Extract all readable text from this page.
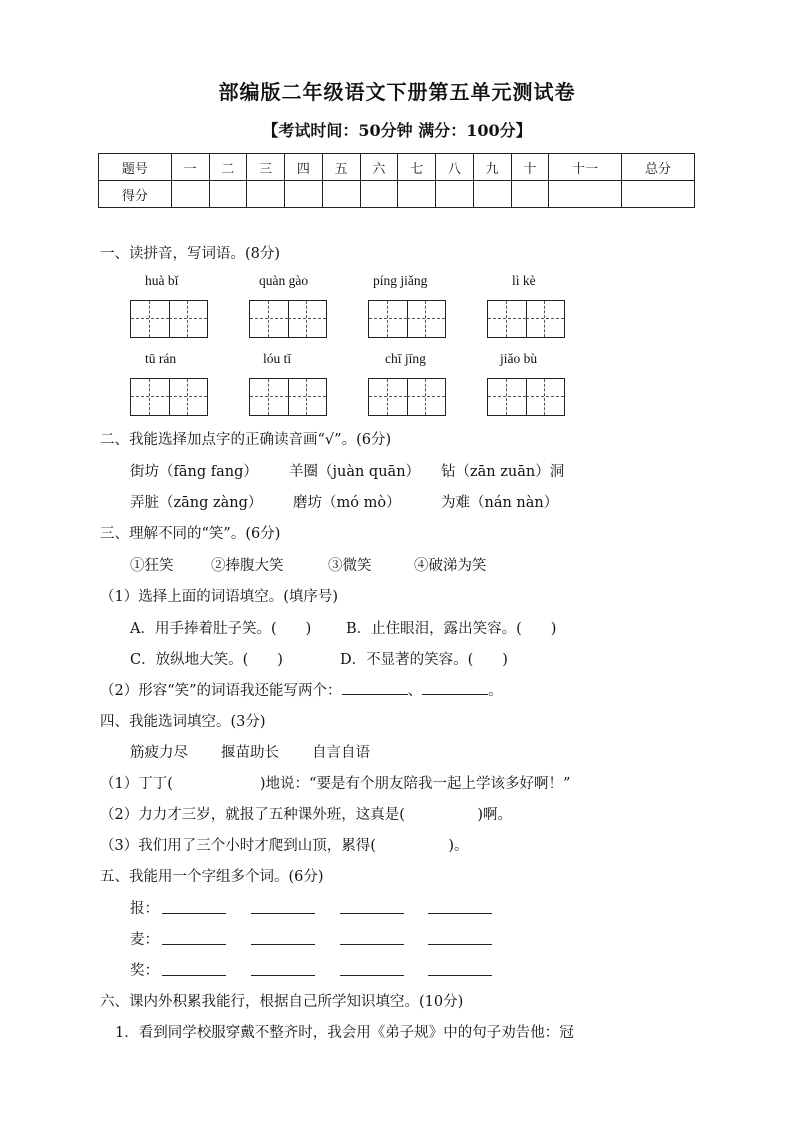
部编版二年级语文下册第五单元测试卷
【考试时间：50分钟 满分：100分】
题号	一	二	三	四	五	六	七	八	九	十	十一	总分
得分												
一、读拼音，写词语。(8分)
huà bǐ	quàn gào	píng jiǎng	lì kè
tū rán	lóu tī	chī jīng	jiǎo bù
二、我能选择加点字的正确读音画“√”。(6分)
街坊（fāng fang） 羊圈（juàn quān） 钻（zān zuān）洞
弄脏（zāng zàng） 磨坊（mó mò）	为难（nán nàn）
三、理解不同的“笑”。(6分)
①狂笑	②捧腹大笑	③微笑	④破涕为笑
（1）选择上面的词语填空。(填序号)
A．用手捧着肚子笑。(　　) B．止住眼泪，露出笑容。(　　)
C．放纵地大笑。(　　)	D．不显著的笑容。(　　)
（2）形容“笑”的词语我还能写两个：	、	。
四、我能选词填空。(3分)
筋疲力尽 揠苗助长 自言自语
（1）丁丁(　　　　　　)地说：“要是有个朋友陪我一起上学该多好啊！”
（2）力力才三岁，就报了五种课外班，这真是(　　　　　)啊。
（3）我们用了三个小时才爬到山顶，累得(　　　　　)。
五、我能用一个字组多个词。(6分)
报：
麦：
奖：
六、课内外积累我能行，根据自己所学知识填空。(10分)
1．看到同学校服穿戴不整齐时，我会用《弟子规》中的句子劝告他：冠
